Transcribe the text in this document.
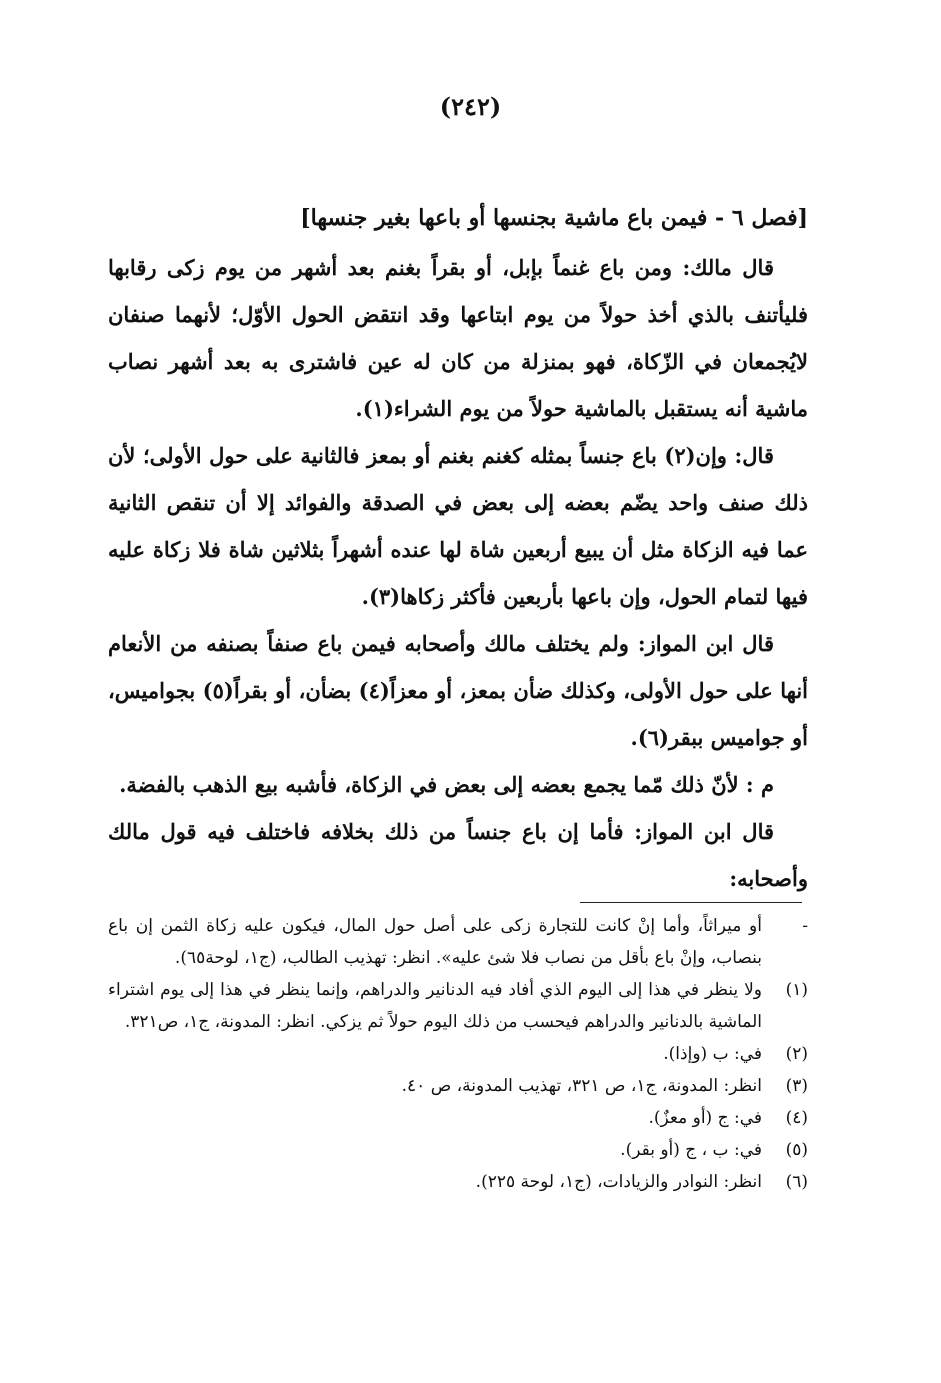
(٢٤٢)

[فصل ٦ - فيمن باع ماشية بجنسها أو باعها بغير جنسها]

قال مالك: ومن باع غنماً بإبل، أو بقراً بغنم بعد أشهر من يوم زكى رقابها فليأتنف بالذي أخذ حولاً من يوم ابتاعها وقد انتقض الحول الأوّل؛ لأنهما صنفان لايُجمعان في الزّكاة، فهو بمنزلة من كان له عين فاشترى به بعد أشهر نصاب ماشية أنه يستقبل بالماشية حولاً من يوم الشراء(١).

قال: وإن(٢) باع جنساً بمثله كغنم بغنم أو بمعز فالثانية على حول الأولى؛ لأن ذلك صنف واحد يضّم بعضه إلى بعض في الصدقة والفوائد إلا أن تنقص الثانية عما فيه الزكاة مثل أن يبيع أربعين شاة لها عنده أشهراً بثلاثين شاة فلا زكاة عليه فيها لتمام الحول، وإن باعها بأربعين فأكثر زكاها(٣).

قال ابن المواز: ولم يختلف مالك وأصحابه فيمن باع صنفاً بصنفه من الأنعام أنها على حول الأولى، وكذلك ضأن بمعز، أو معزاً(٤) بضأن، أو بقراً(٥) بجواميس، أو جواميس ببقر(٦).

م : لأنّ ذلك مّما يجمع بعضه إلى بعض في الزكاة، فأشبه بيع الذهب بالفضة.

قال ابن المواز: فأما إن باع جنساً من ذلك بخلافه فاختلف فيه قول مالك وأصحابه:

-
أو ميراثاً، وأما إنْ كانت للتجارة زكى على أصل حول المال، فيكون عليه زكاة الثمن إن باع بنصاب، وإنْ باع بأقل من نصاب فلا شئ عليه». انظر: تهذيب الطالب، (ج١، لوحة٦٥).
(١)
ولا ينظر في هذا إلى اليوم الذي أفاد فيه الدنانير والدراهم، وإنما ينظر في هذا إلى يوم اشتراء الماشية بالدنانير والدراهم فيحسب من ذلك اليوم حولاً ثم يزكي. انظر: المدونة، ج١، ص٣٢١.
(٢)
في: ب (وإذا).
(٣)
انظر: المدونة، ج١، ص ٣٢١، تهذيب المدونة، ص ٤٠.
(٤)
في: ج (أو معزٌ).
(٥)
في: ب ، ج (أو بقر).
(٦)
انظر: النوادر والزيادات، (ج١، لوحة ٢٢٥).
